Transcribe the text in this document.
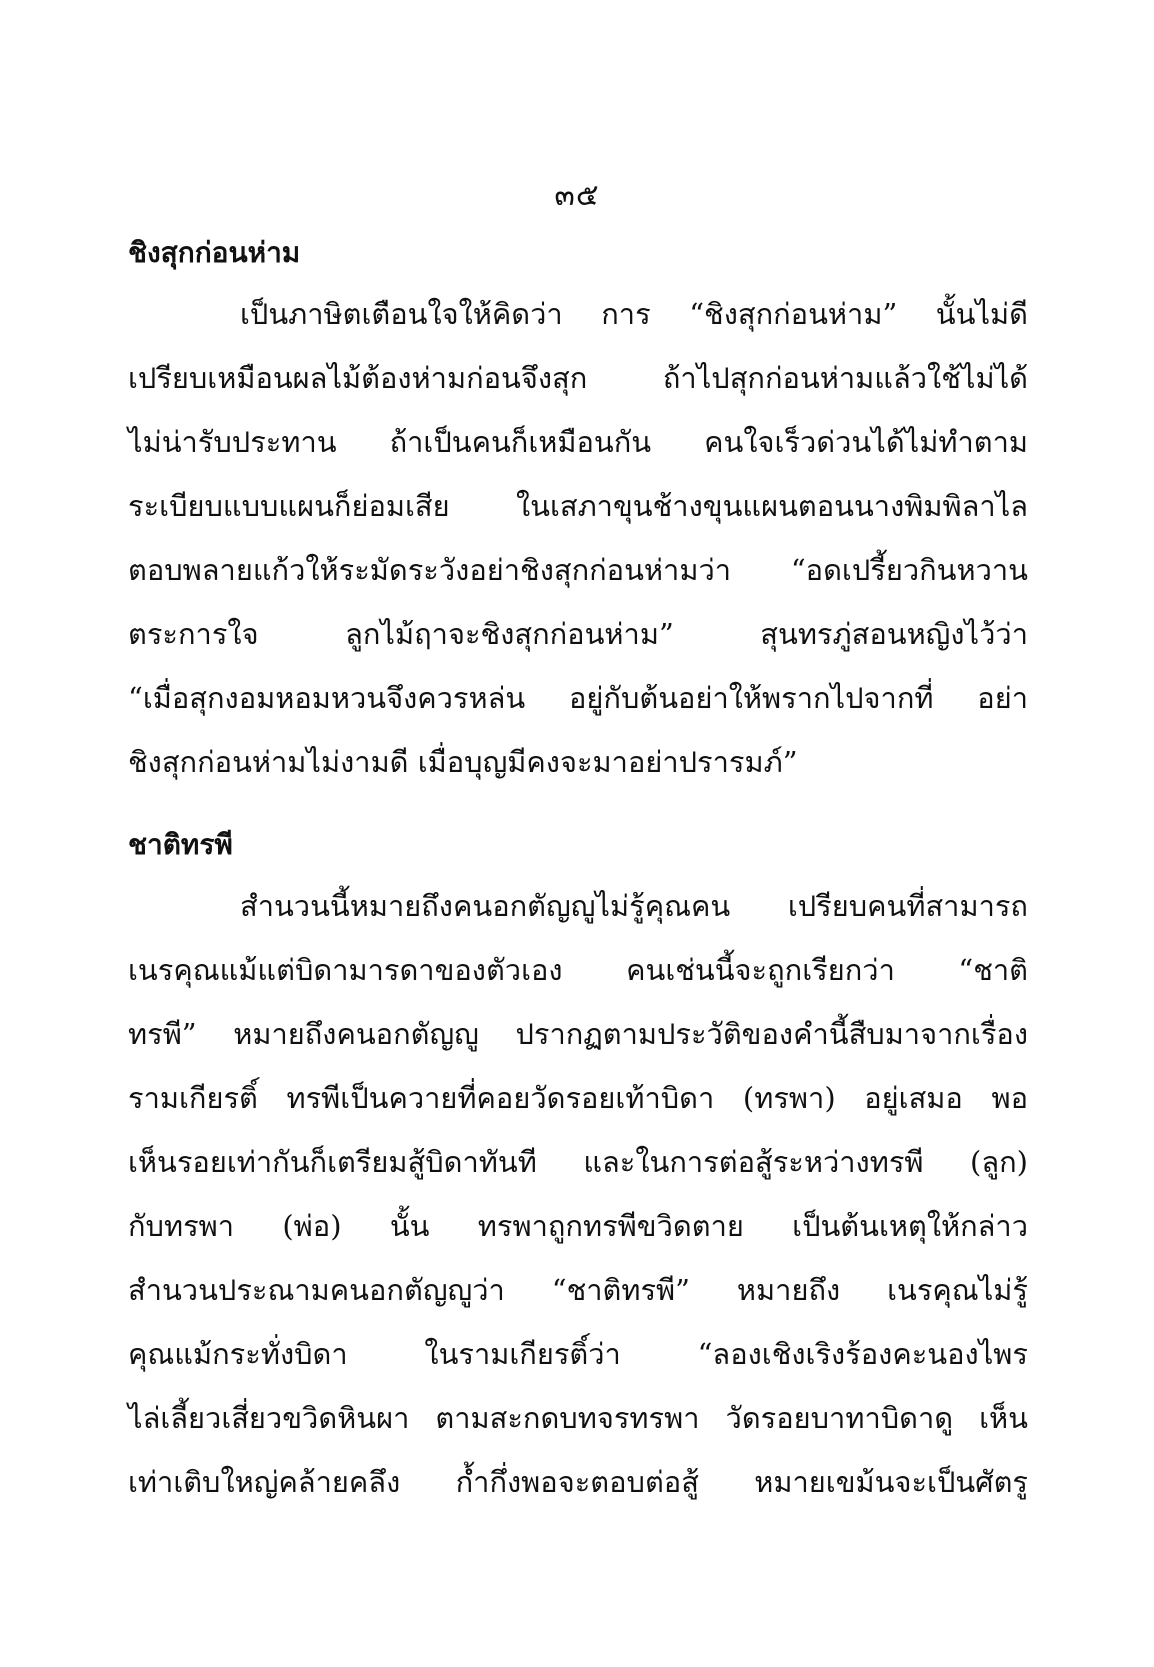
๓๕
ชิงสุกก่อนห่าม
เป็นภาษิตเตือนใจให้คิดว่า การ “ชิงสุกก่อนห่าม” นั้นไม่ดี
เปรียบเหมือนผลไม้ต้องห่ามก่อนจึงสุก ถ้าไปสุกก่อนห่ามแล้วใช้ไม่ได้
ไม่น่ารับประทาน ถ้าเป็นคนก็เหมือนกัน คนใจเร็วด่วนได้ไม่ทำตาม
ระเบียบแบบแผนก็ย่อมเสีย ในเสภาขุนช้างขุนแผนตอนนางพิมพิลาไล
ตอบพลายแก้วให้ระมัดระวังอย่าชิงสุกก่อนห่ามว่า “อดเปรี้ยวกินหวาน
ตระการใจ ลูกไม้ฤาจะชิงสุกก่อนห่าม” สุนทรภู่สอนหญิงไว้ว่า
“เมื่อสุกงอมหอมหวนจึงควรหล่น อยู่กับต้นอย่าให้พรากไปจากที่ อย่า
ชิงสุกก่อนห่ามไม่งามดี เมื่อบุญมีคงจะมาอย่าปรารมภ์”
ชาติทรพี
สำนวนนี้หมายถึงคนอกตัญญูไม่รู้คุณคน เปรียบคนที่สามารถ
เนรคุณแม้แต่บิดามารดาของตัวเอง คนเช่นนี้จะถูกเรียกว่า “ชาติ
ทรพี” หมายถึงคนอกตัญญู ปรากฏตามประวัติของคำนี้สืบมาจากเรื่อง
รามเกียรติ์ ทรพีเป็นควายที่คอยวัดรอยเท้าบิดา (ทรพา) อยู่เสมอ พอ
เห็นรอยเท่ากันก็เตรียมสู้บิดาทันที และในการต่อสู้ระหว่างทรพี (ลูก)
กับทรพา (พ่อ) นั้น ทรพาถูกทรพีขวิดตาย เป็นต้นเหตุให้กล่าว
สำนวนประณามคนอกตัญญูว่า “ชาติทรพี” หมายถึง เนรคุณไม่รู้
คุณแม้กระทั่งบิดา ในรามเกียรติ์ว่า “ลองเชิงเริงร้องคะนองไพร
ไล่เลี้ยวเสี่ยวขวิดหินผา ตามสะกดบทจรทรพา วัดรอยบาทาบิดาดู เห็น
เท่าเติบใหญ่คล้ายคลึง ก้ำกึ่งพอจะตอบต่อสู้ หมายเขม้นจะเป็นศัตรู
